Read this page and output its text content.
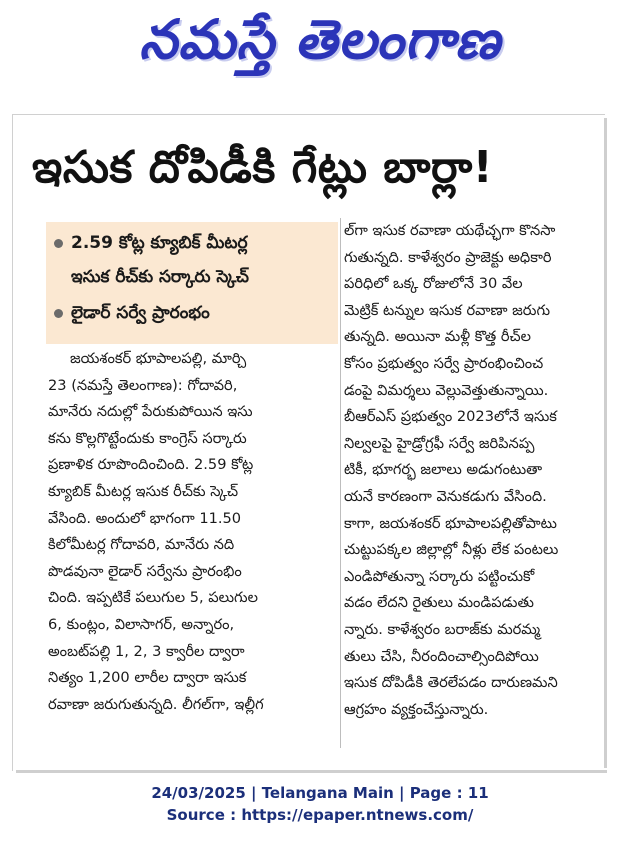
నమస్తే తెలంగాణ
ఇసుక దోపిడీకి గేట్లు బార్లా!
2.59 కోట్ల క్యూబిక్ మీటర్ల
ఇసుక రీచ్‌కు సర్కారు స్కెచ్
లైడార్ సర్వే ప్రారంభం
జయశంకర్ భూపాలపల్లి, మార్చి
23 (నమస్తే తెలంగాణ): గోదావరి,
మానేరు నదుల్లో పేరుకుపోయిన ఇసు
కను కొల్లగొట్టేందుకు కాంగ్రెస్ సర్కారు
ప్రణాళిక రూపొందించింది. 2.59 కోట్ల
క్యూబిక్ మీటర్ల ఇసుక రీచ్‌కు స్కెచ్
వేసింది. అందులో భాగంగా 11.50
కిలోమీటర్ల గోదావరి, మానేరు నది
పొడవునా లైడార్ సర్వేను ప్రారంభిం
చింది. ఇప్పటికే పలుగుల 5, పలుగుల
6, కుంట్లం, విలాసాగర్, అన్నారం,
అంబట్‌పల్లి 1, 2, 3 క్వారీల ద్వారా
నిత్యం 1,200 లారీల ద్వారా ఇసుక
రవాణా జరుగుతున్నది. లీగల్‌గా, ఇల్లీగ
ల్‌గా ఇసుక రవాణా యథేచ్ఛగా కొనసా
గుతున్నది. కాళేశ్వరం ప్రాజెక్టు అధికారి
పరిధిలో ఒక్క రోజులోనే 30 వేల
మెట్రిక్ టన్నుల ఇసుక రవాణా జరుగు
తున్నది. అయినా మళ్లీ కొత్త రీచ్‌ల
కోసం ప్రభుత్వం సర్వే ప్రారంభించించ
డంపై విమర్శలు వెల్లువెత్తుతున్నాయి.
బీఆర్‌ఎస్ ప్రభుత్వం 2023లోనే ఇసుక
నిల్వలపై హైడ్రోగ్రఫీ సర్వే జరిపినప్ప
టికీ, భూగర్భ జలాలు అడుగంటుతా
యనే కారణంగా వెనుకడుగు వేసింది.
కాగా, జయశంకర్ భూపాలపల్లితోపాటు
చుట్టుపక్కల జిల్లాల్లో నీళ్లు లేక పంటలు
ఎండిపోతున్నా సర్కారు పట్టించుకో
వడం లేదని రైతులు మండిపడుతు
న్నారు. కాళేశ్వరం బరాజ్‌కు మరమ్మ
తులు చేసి, నీరందించాల్సిందిపోయి
ఇసుక దోపిడీకి తెరలేపడం దారుణమని
ఆగ్రహం వ్యక్తంచేస్తున్నారు.
24/03/2025 | Telangana Main | Page : 11
Source : https://epaper.ntnews.com/
